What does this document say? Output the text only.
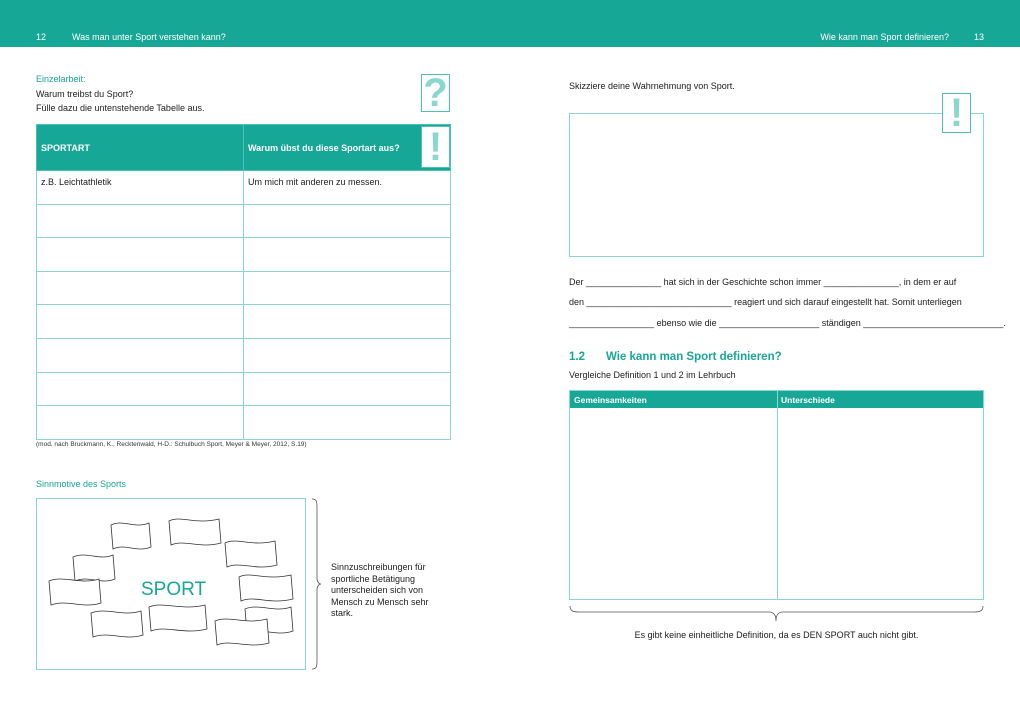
12	Was man unter Sport verstehen kann?	Wie kann man Sport definieren?	13
Einzelarbeit:
Warum treibst du Sport?
Fülle dazu die untenstehende Tabelle aus.	?
SPORTART	Warum übst du diese Sportart aus?
z.B. Leichtathletik	Um mich mit anderen zu messen.

!
(mod. nach Bruckmann, K., Recktenwald, H-D.: Schulbuch Sport, Meyer & Meyer, 2012, S.19)
Sinnmotive des Sports
SPORT
Sinnzuschreibungen für sportliche Betätigung unterscheiden sich von Mensch zu Mensch sehr stark.
Skizziere deine Wahrnehmung von Sport.
!
Der _______________ hat sich in der Geschichte schon immer _______________, in dem er auf
den _____________________________ reagiert und sich darauf eingestellt hat. Somit unterliegen
_________________ ebenso wie die ____________________ ständigen ____________________________.
1.2 Wie kann man Sport definieren?
Vergleiche Definition 1 und 2 im Lehrbuch
Gemeinsamkeiten	Unterschiede
Es gibt keine einheitliche Definition, da es DEN SPORT auch nicht gibt.
